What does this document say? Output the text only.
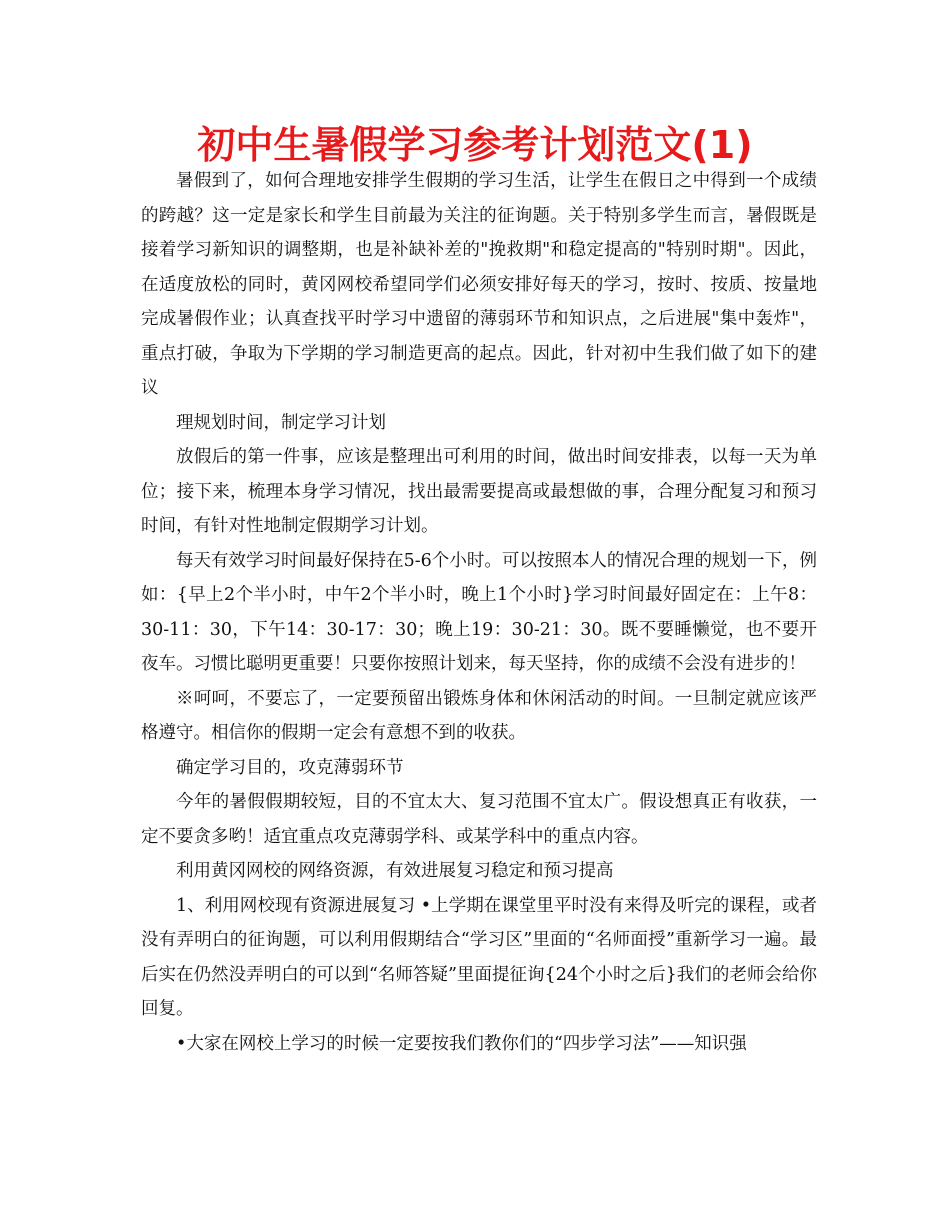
初中生暑假学习参考计划范文(1)

暑假到了，如何合理地安排学生假期的学习生活，让学生在假日之中得到一个成绩的跨越？这一定是家长和学生目前最为关注的征询题。关于特别多学生而言，暑假既是接着学习新知识的调整期，也是补缺补差的"挽救期"和稳定提高的"特别时期"。因此，在适度放松的同时，黄冈网校希望同学们必须安排好每天的学习，按时、按质、按量地完成暑假作业；认真查找平时学习中遗留的薄弱环节和知识点，之后进展"集中轰炸"，重点打破，争取为下学期的学习制造更高的起点。因此，针对初中生我们做了如下的建议

理规划时间，制定学习计划

放假后的第一件事，应该是整理出可利用的时间，做出时间安排表，以每一天为单位；接下来，梳理本身学习情况，找出最需要提高或最想做的事，合理分配复习和预习时间，有针对性地制定假期学习计划。

每天有效学习时间最好保持在5-6个小时。可以按照本人的情况合理的规划一下，例如：{早上2个半小时，中午2个半小时，晚上1个小时}学习时间最好固定在：上午8：30-11：30，下午14：30-17：30；晚上19：30-21：30。既不要睡懒觉，也不要开夜车。习惯比聪明更重要！只要你按照计划来，每天坚持，你的成绩不会没有进步的！

※呵呵，不要忘了，一定要预留出锻炼身体和休闲活动的时间。一旦制定就应该严格遵守。相信你的假期一定会有意想不到的收获。

确定学习目的，攻克薄弱环节

今年的暑假假期较短，目的不宜太大、复习范围不宜太广。假设想真正有收获，一定不要贪多哟！适宜重点攻克薄弱学科、或某学科中的重点内容。

利用黄冈网校的网络资源，有效进展复习稳定和预习提高

1、利用网校现有资源进展复习 •上学期在课堂里平时没有来得及听完的课程，或者没有弄明白的征询题，可以利用假期结合“学习区”里面的“名师面授”重新学习一遍。最后实在仍然没弄明白的可以到“名师答疑”里面提征询{24个小时之后}我们的老师会给你回复。

•大家在网校上学习的时候一定要按我们教你们的“四步学习法”——知识强
